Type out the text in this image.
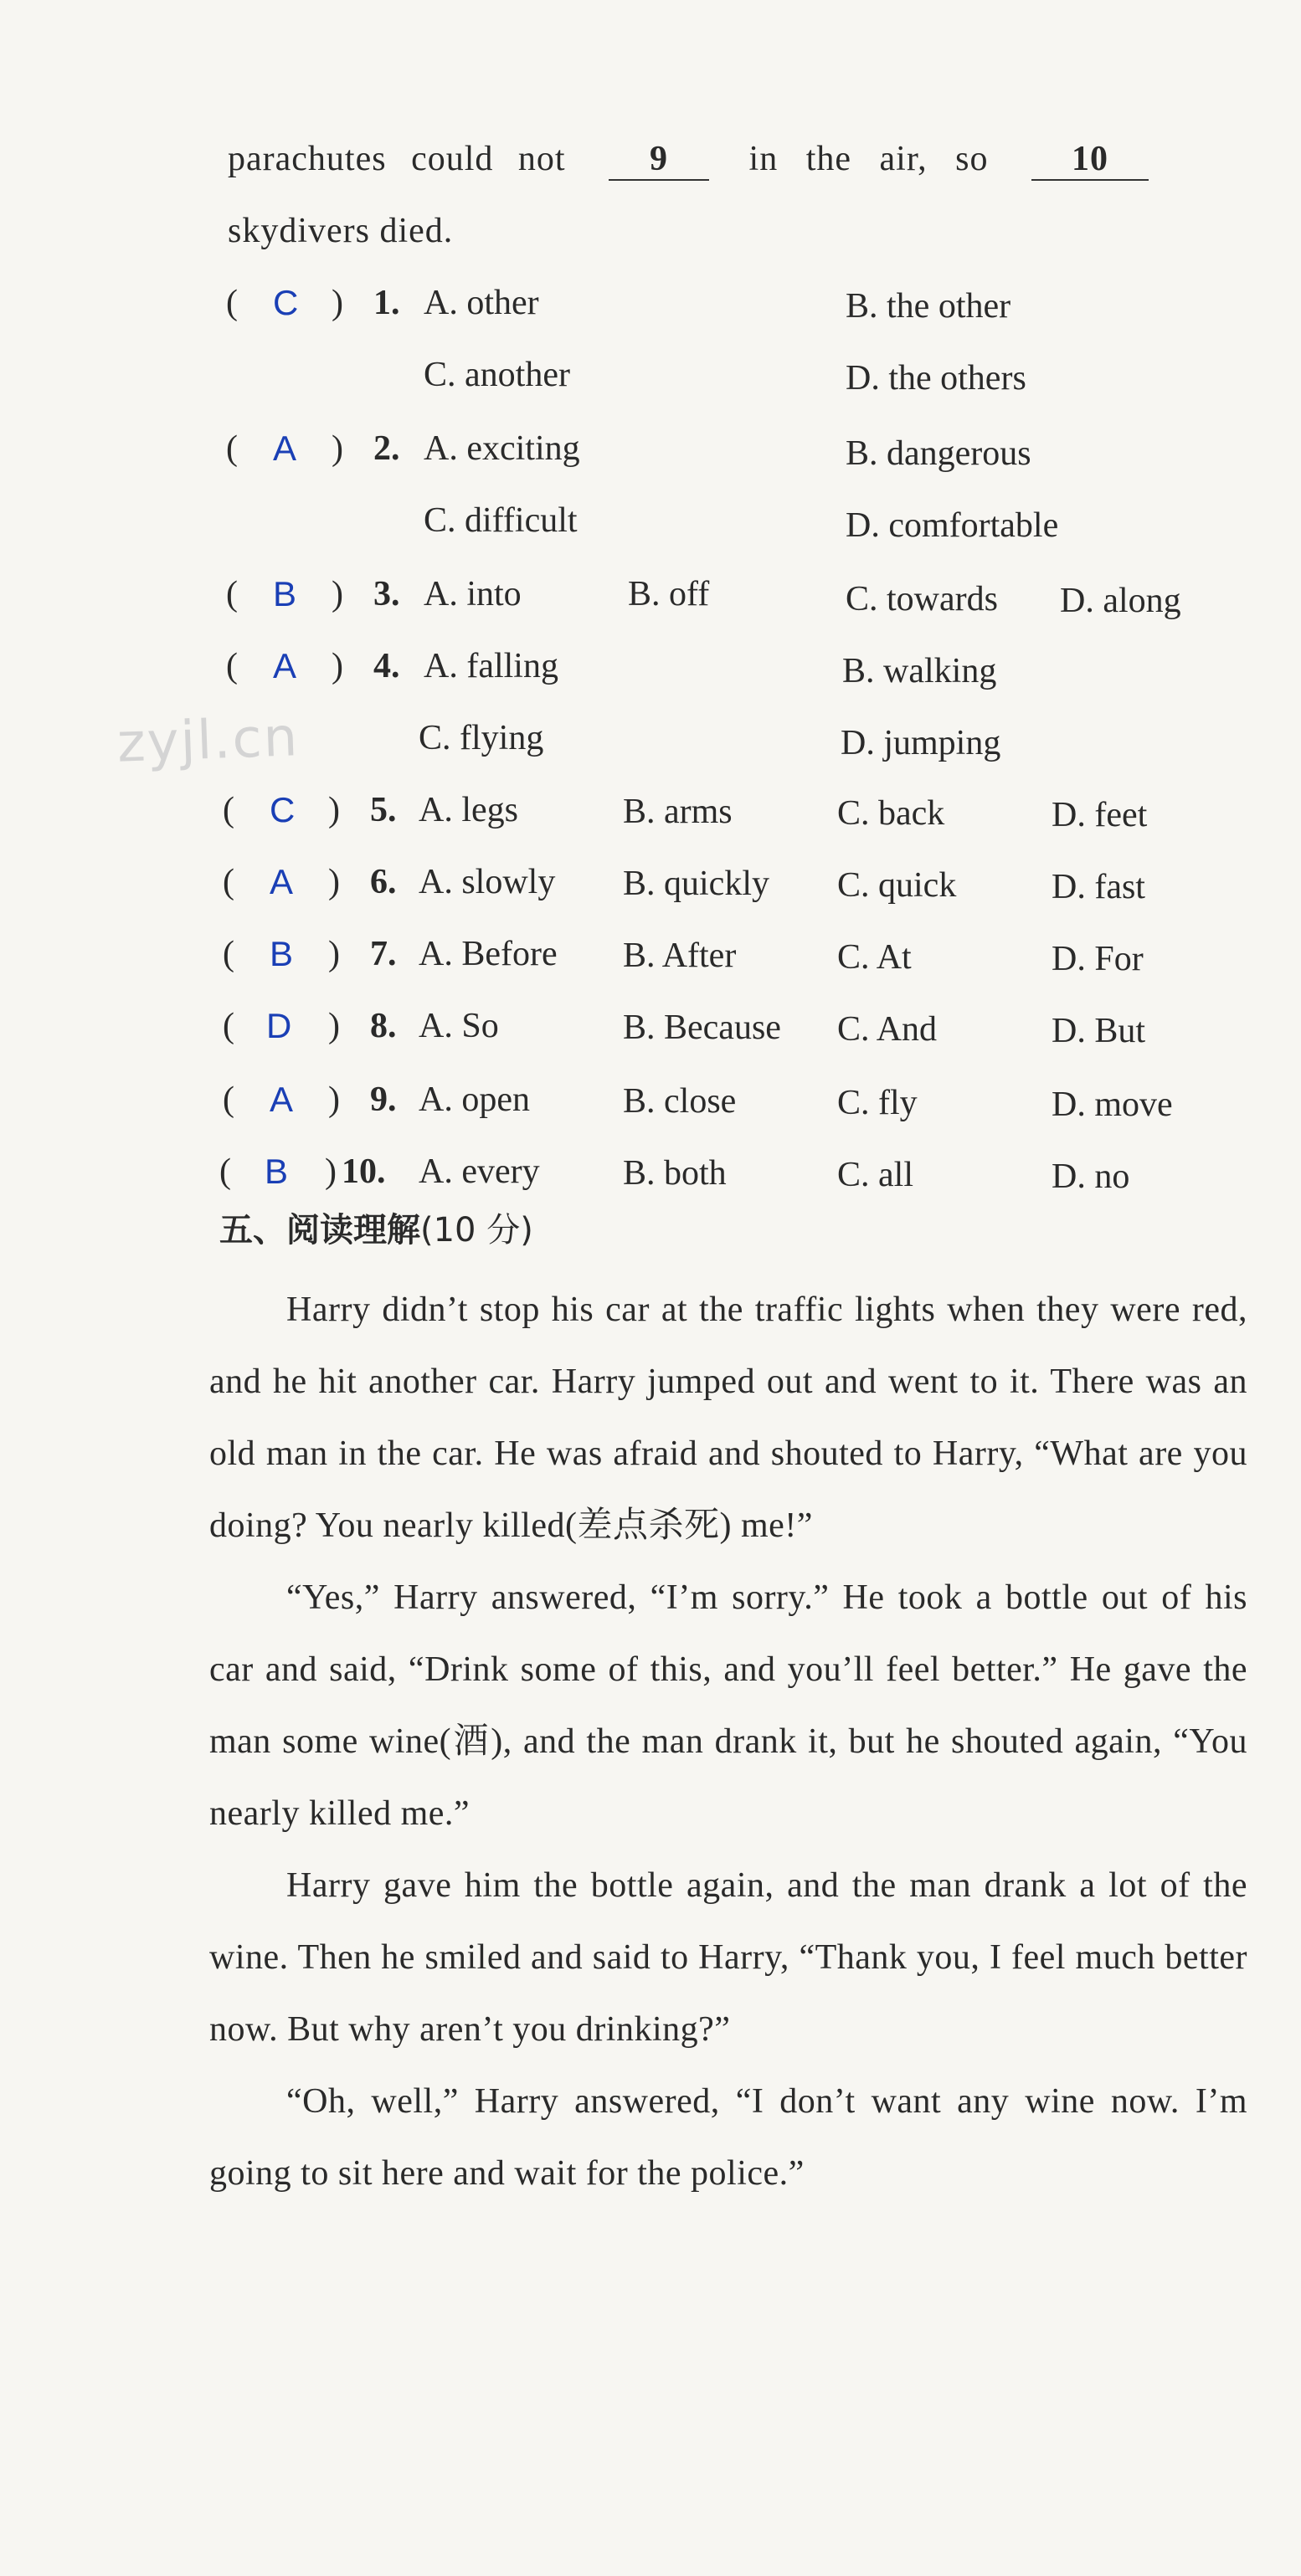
zyjl.cn
parachutes could not 9 in the air, so 10
skydivers died.
( C ) 1. A. other	B. the other
C. another	D. the others
( A ) 2. A. exciting	B. dangerous
C. difficult	D. comfortable
( B ) 3. A. into	B. off	C. towards D. along
( A ) 4. A. falling	B. walking
C. flying	D. jumping
( C ) 5. A. legs	B. arms	C. back	D. feet
( A ) 6. A. slowly B. quickly C. quick	D. fast
( B ) 7. A. Before B. After	C. At	D. For
( D ) 8. A. So	B. Because C. And	D. But
( A ) 9. A. open	B. close	C. fly	D. move
( B ) 10. A. every B. both	C. all	D. no
五、阅读理解(10 分)

Harry didn’t stop his car at the traffic lights when they were red, and he hit another car. Harry jumped out and went to it. There was an old man in the car. He was afraid and shouted to Harry, “What are you doing? You nearly killed(差点杀死) me!”

“Yes,” Harry answered, “I’m sorry.” He took a bottle out of his car and said, “Drink some of this, and you’ll feel better.” He gave the man some wine(酒), and the man drank it, but he shouted again, “You nearly killed me.”

Harry gave him the bottle again, and the man drank a lot of the wine. Then he smiled and said to Harry, “Thank you, I feel much better now. But why aren’t you drinking?”

“Oh, well,” Harry answered, “I don’t want any wine now. I’m going to sit here and wait for the police.”
